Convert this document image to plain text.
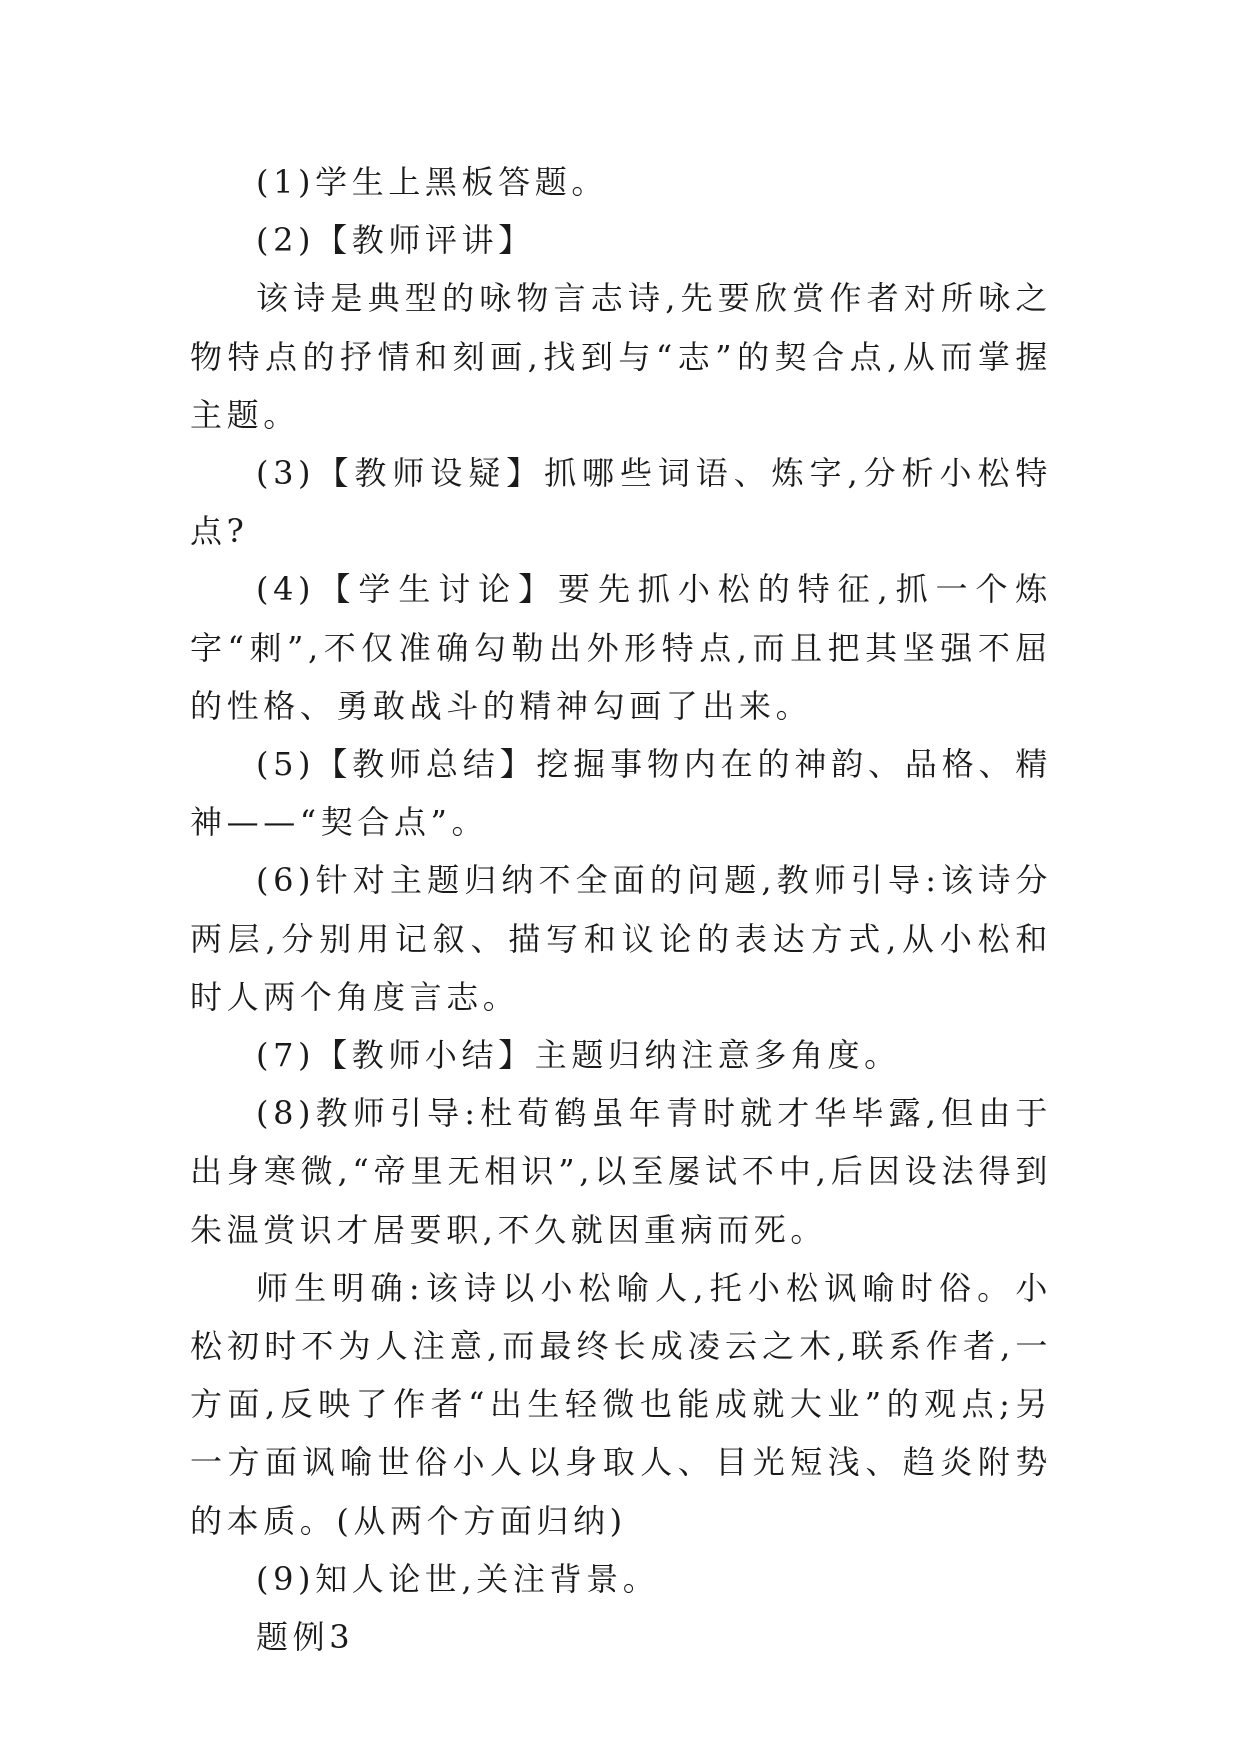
(1)学生上黑板答题。

(2)【教师评讲】

该诗是典型的咏物言志诗,先要欣赏作者对所咏之物特点的抒情和刻画,找到与“志”的契合点,从而掌握主题。

(3)【教师设疑】抓哪些词语、炼字,分析小松特点?

(4)【学生讨论】要先抓小松的特征,抓一个炼字“刺”,不仅准确勾勒出外形特点,而且把其坚强不屈的性格、勇敢战斗的精神勾画了出来。

(5)【教师总结】挖掘事物内在的神韵、品格、精神——“契合点”。

(6)针对主题归纳不全面的问题,教师引导:该诗分两层,分别用记叙、描写和议论的表达方式,从小松和时人两个角度言志。

(7)【教师小结】主题归纳注意多角度。

(8)教师引导:杜荀鹤虽年青时就才华毕露,但由于出身寒微,“帝里无相识”,以至屡试不中,后因设法得到朱温赏识才居要职,不久就因重病而死。

师生明确:该诗以小松喻人,托小松讽喻时俗。小松初时不为人注意,而最终长成凌云之木,联系作者,一方面,反映了作者“出生轻微也能成就大业”的观点;另一方面讽喻世俗小人以身取人、目光短浅、趋炎附势的本质。(从两个方面归纳)

(9)知人论世,关注背景。

题例3
